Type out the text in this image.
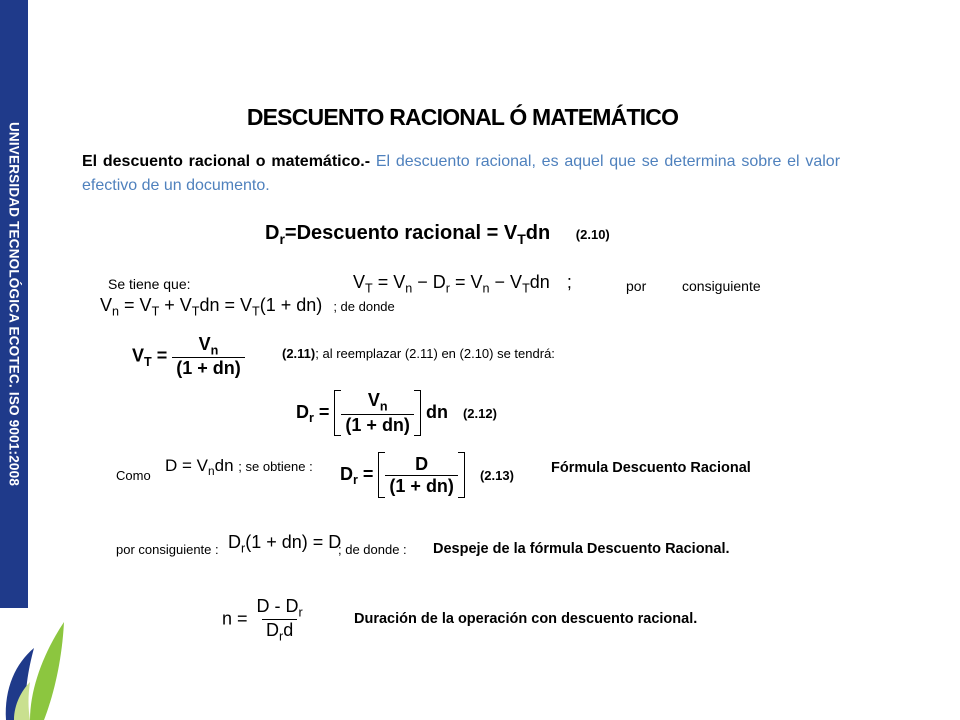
UNIVERSIDAD TECNOLÓGICA ECOTEC. ISO 9001:2008
DESCUENTO RACIONAL Ó MATEMÁTICO
El descuento racional o matemático.- El descuento racional, es aquel que se determina sobre el valor efectivo de un documento.
$D_r=Descuento$ racional = $V_Tdn$ (2.10)
Se tiene que:	$V_T = V_n - D_r = V_n - V_Tdn$ ;	por	consiguiente
$V_n = V_T + V_Tdn = V_T(1 + dn)$ ; de donde
$V_T = \frac{V_n}{(1 + dn)}$	(2.11); al reemplazar (2.11) en (2.10) se tendrá:
$D_r = \frac{V_n}{(1 + dn)}$ dn (2.12)
Como
$D = V_ndn$ ; se obtiene : $D_r = \frac{D}{(1 + dn)} (2.13)$	Fórmula Descuento Racional
por consiguiente : $D_r(1 + dn) = D$
; de donde : Despeje de la fórmula Descuento Racional.
$n = \frac{D - D_r}{D_rd}$	Duración de la operación con descuento racional.
